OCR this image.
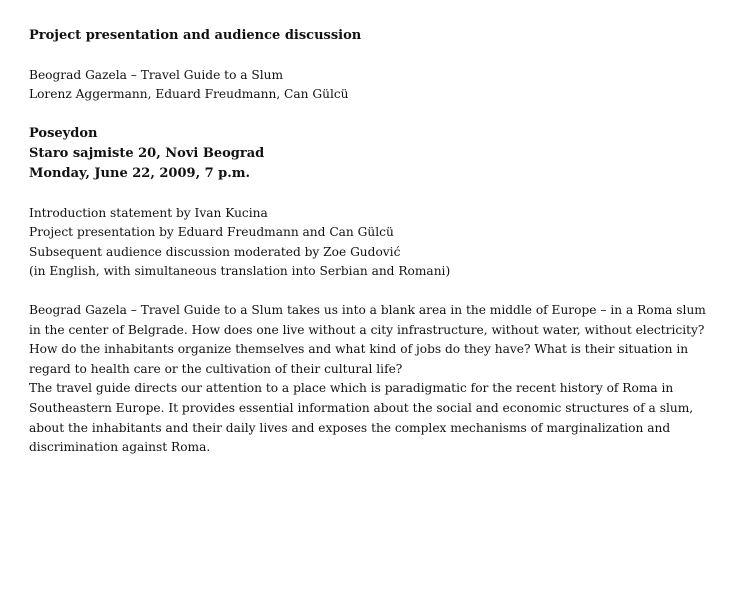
Project presentation and audience discussion

Beograd Gazela – Travel Guide to a Slum

Lorenz Aggermann, Eduard Freudmann, Can Gülcü

Poseydon

Staro sajmiste 20, Novi Beograd

Monday, June 22, 2009, 7 p.m.

Introduction statement by Ivan Kucina

Project presentation by Eduard Freudmann and Can Gülcü

Subsequent audience discussion moderated by Zoe Gudović

(in English, with simultaneous translation into Serbian and Romani)

Beograd Gazela – Travel Guide to a Slum takes us into a blank area in the middle of Europe – in a Roma slum in the center of Belgrade. How does one live without a city infrastructure, without water, without electricity? How do the inhabitants organize themselves and what kind of jobs do they have? What is their situation in regard to health care or the cultivation of their cultural life?

The travel guide directs our attention to a place which is paradigmatic for the recent history of Roma in Southeastern Europe. It provides essential information about the social and economic structures of a slum, about the inhabitants and their daily lives and exposes the complex mechanisms of marginalization and discrimination against Roma.
